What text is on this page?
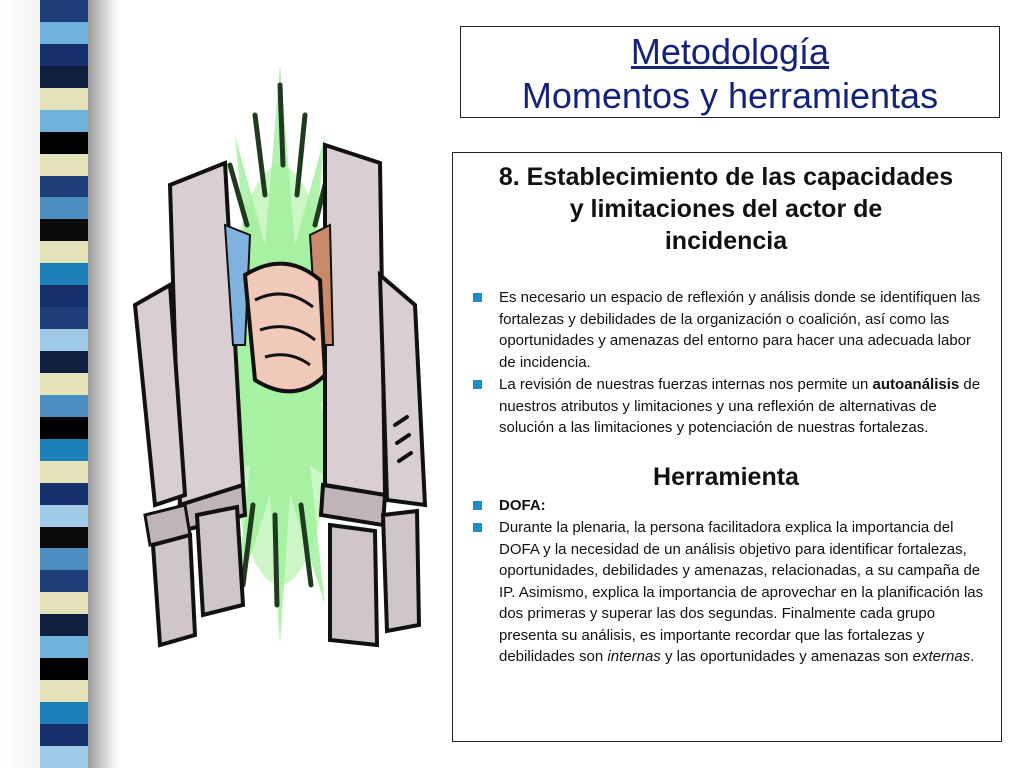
Metodología
Momentos y herramientas
8. Establecimiento de las capacidades
y limitaciones del actor de
incidencia
Es necesario un espacio de reflexión y análisis donde se identifiquen las fortalezas y debilidades de la organización o coalición, así como las oportunidades y amenazas del entorno para hacer una adecuada labor de incidencia.
La revisión de nuestras fuerzas internas nos permite un autoanálisis de nuestros atributos y limitaciones y una reflexión de alternativas de solución a las limitaciones y potenciación de nuestras fortalezas.
Herramienta
DOFA:
Durante la plenaria, la persona facilitadora explica la importancia del DOFA y la necesidad de un análisis objetivo para identificar fortalezas, oportunidades, debilidades y amenazas, relacionadas, a su campaña de IP. Asimismo, explica la importancia de aprovechar en la planificación las dos primeras y superar las dos segundas. Finalmente cada grupo presenta su análisis, es importante recordar que las fortalezas y debilidades son internas y las oportunidades y amenazas son externas.
